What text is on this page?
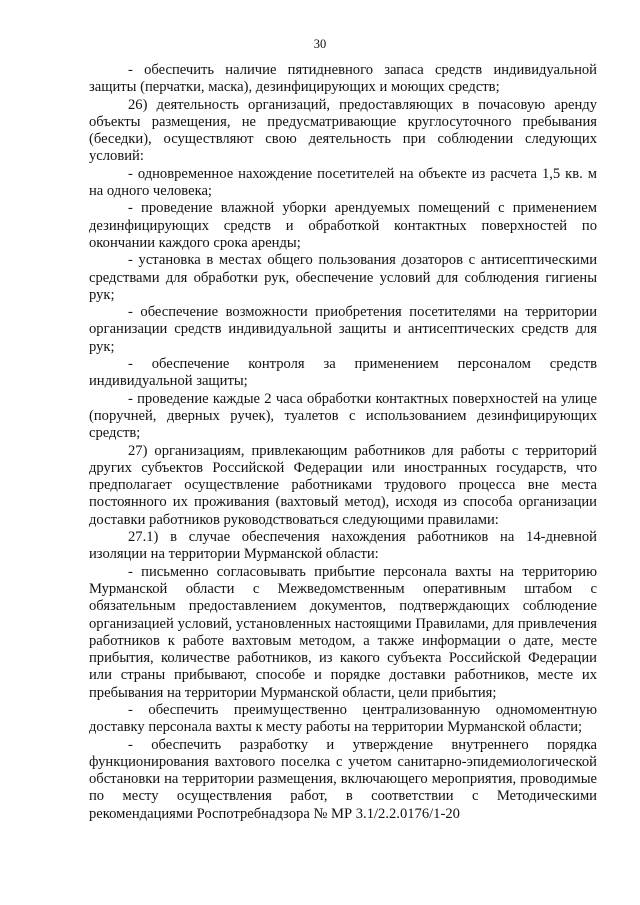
30

- обеспечить наличие пятидневного запаса средств индивидуальной защиты (перчатки, маска), дезинфицирующих и моющих средств;

26) деятельность организаций, предоставляющих в почасовую аренду объекты размещения, не предусматривающие круглосуточного пребывания (беседки), осуществляют свою деятельность при соблюдении следующих условий:

- одновременное нахождение посетителей на объекте из расчета 1,5 кв. м на одного человека;

- проведение влажной уборки арендуемых помещений с применением дезинфицирующих средств и обработкой контактных поверхностей по окончании каждого срока аренды;

- установка в местах общего пользования дозаторов с антисептическими средствами для обработки рук, обеспечение условий для соблюдения гигиены рук;

- обеспечение возможности приобретения посетителями на территории организации средств индивидуальной защиты и антисептических средств для рук;

- обеспечение контроля за применением персоналом средств индивидуальной защиты;

- проведение каждые 2 часа обработки контактных поверхностей на улице (поручней, дверных ручек), туалетов с использованием дезинфицирующих средств;

27) организациям, привлекающим работников для работы с территорий других субъектов Российской Федерации или иностранных государств, что предполагает осуществление работниками трудового процесса вне места постоянного их проживания (вахтовый метод), исходя из способа организации доставки работников руководствоваться следующими правилами:

27.1) в случае обеспечения нахождения работников на 14-дневной изоляции на территории Мурманской области:

- письменно согласовывать прибытие персонала вахты на территорию Мурманской области с Межведомственным оперативным штабом с обязательным предоставлением документов, подтверждающих соблюдение организацией условий, установленных настоящими Правилами, для привлечения работников к работе вахтовым методом, а также информации о дате, месте прибытия, количестве работников, из какого субъекта Российской Федерации или страны прибывают, способе и порядке доставки работников, месте их пребывания на территории Мурманской области, цели прибытия;

- обеспечить преимущественно централизованную одномоментную доставку персонала вахты к месту работы на территории Мурманской области;

- обеспечить разработку и утверждение внутреннего порядка функционирования вахтового поселка с учетом санитарно-эпидемиологической обстановки на территории размещения, включающего мероприятия, проводимые по месту осуществления работ, в соответствии с Методическими рекомендациями Роспотребнадзора № МР 3.1/2.2.0176/1-20
